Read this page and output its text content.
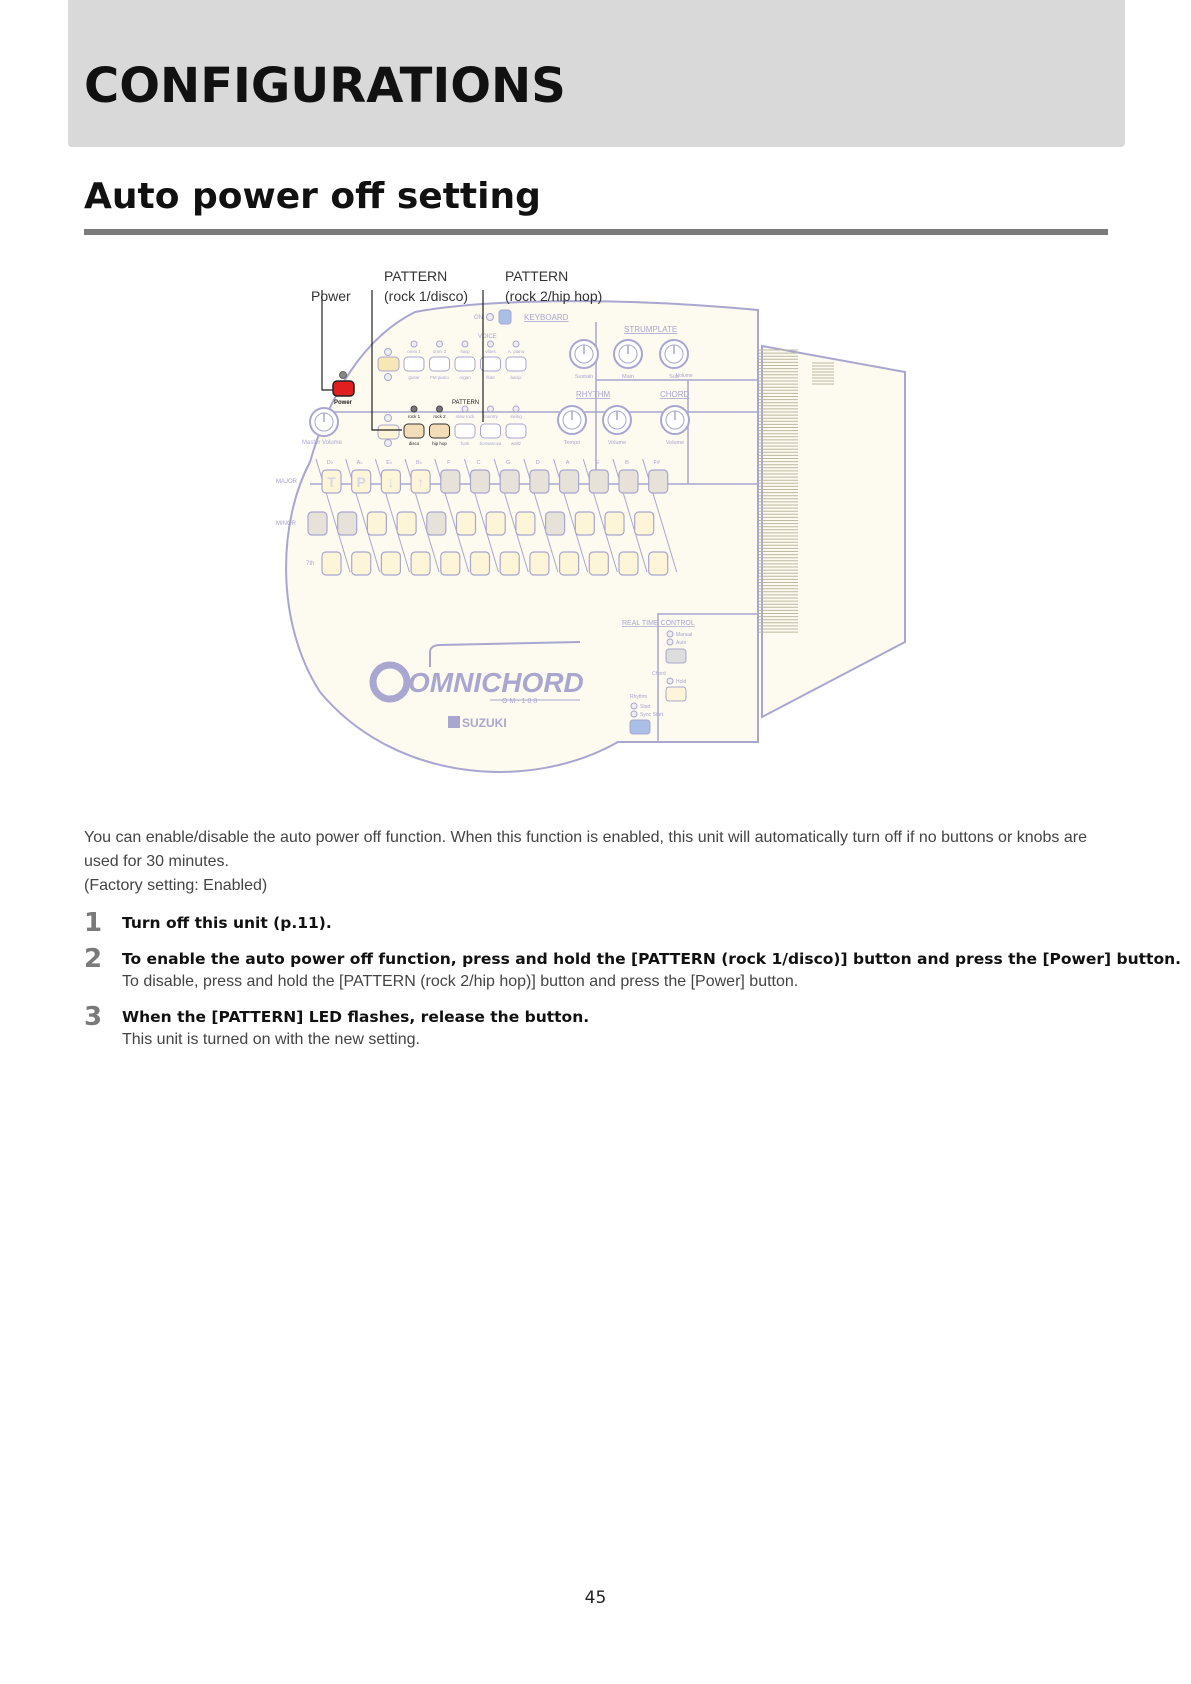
CONFIGURATIONS
Auto power off setting
Power
PATTERN
(rock 1/disco)
PATTERN
(rock 2/hip hop)
ON	KEYBOARD
VOICE
omni 1
guitar
omni 2
FM piano
harp
organ
vibes
flute
A. piano
banjo
STRUMPLATE
Sustain	Main	Sub
Volume
Power	PATTERN
rock 1
disco
rock 2
hip hop
slow rock
funk
country
bossanova
swing
waltz
Master Volume
RHYTHM	CHORD
Tempo	Volume	Volume
MAJOR
MINOR
7th
D♭
T
A♭
P
E♭
↓
B♭
↑
F	C	G	D	A	E	B	F#
REAL TIME CONTROL
Manual
Auto
Chord
Hold
Rhythm
Start
Sync Start
OMNICHORD
OM-108
SUZUKI

You can enable/disable the auto power off function. When this function is enabled, this unit will automatically turn off if no buttons or knobs are used for 30 minutes.

(Factory setting: Enabled)

1 Turn off this unit (p.11).
2 To enable the auto power off function, press and hold the [PATTERN (rock 1/disco)] button and press the [Power] button.
To disable, press and hold the [PATTERN (rock 2/hip hop)] button and press the [Power] button.
3 When the [PATTERN] LED flashes, release the button.
This unit is turned on with the new setting.
45
